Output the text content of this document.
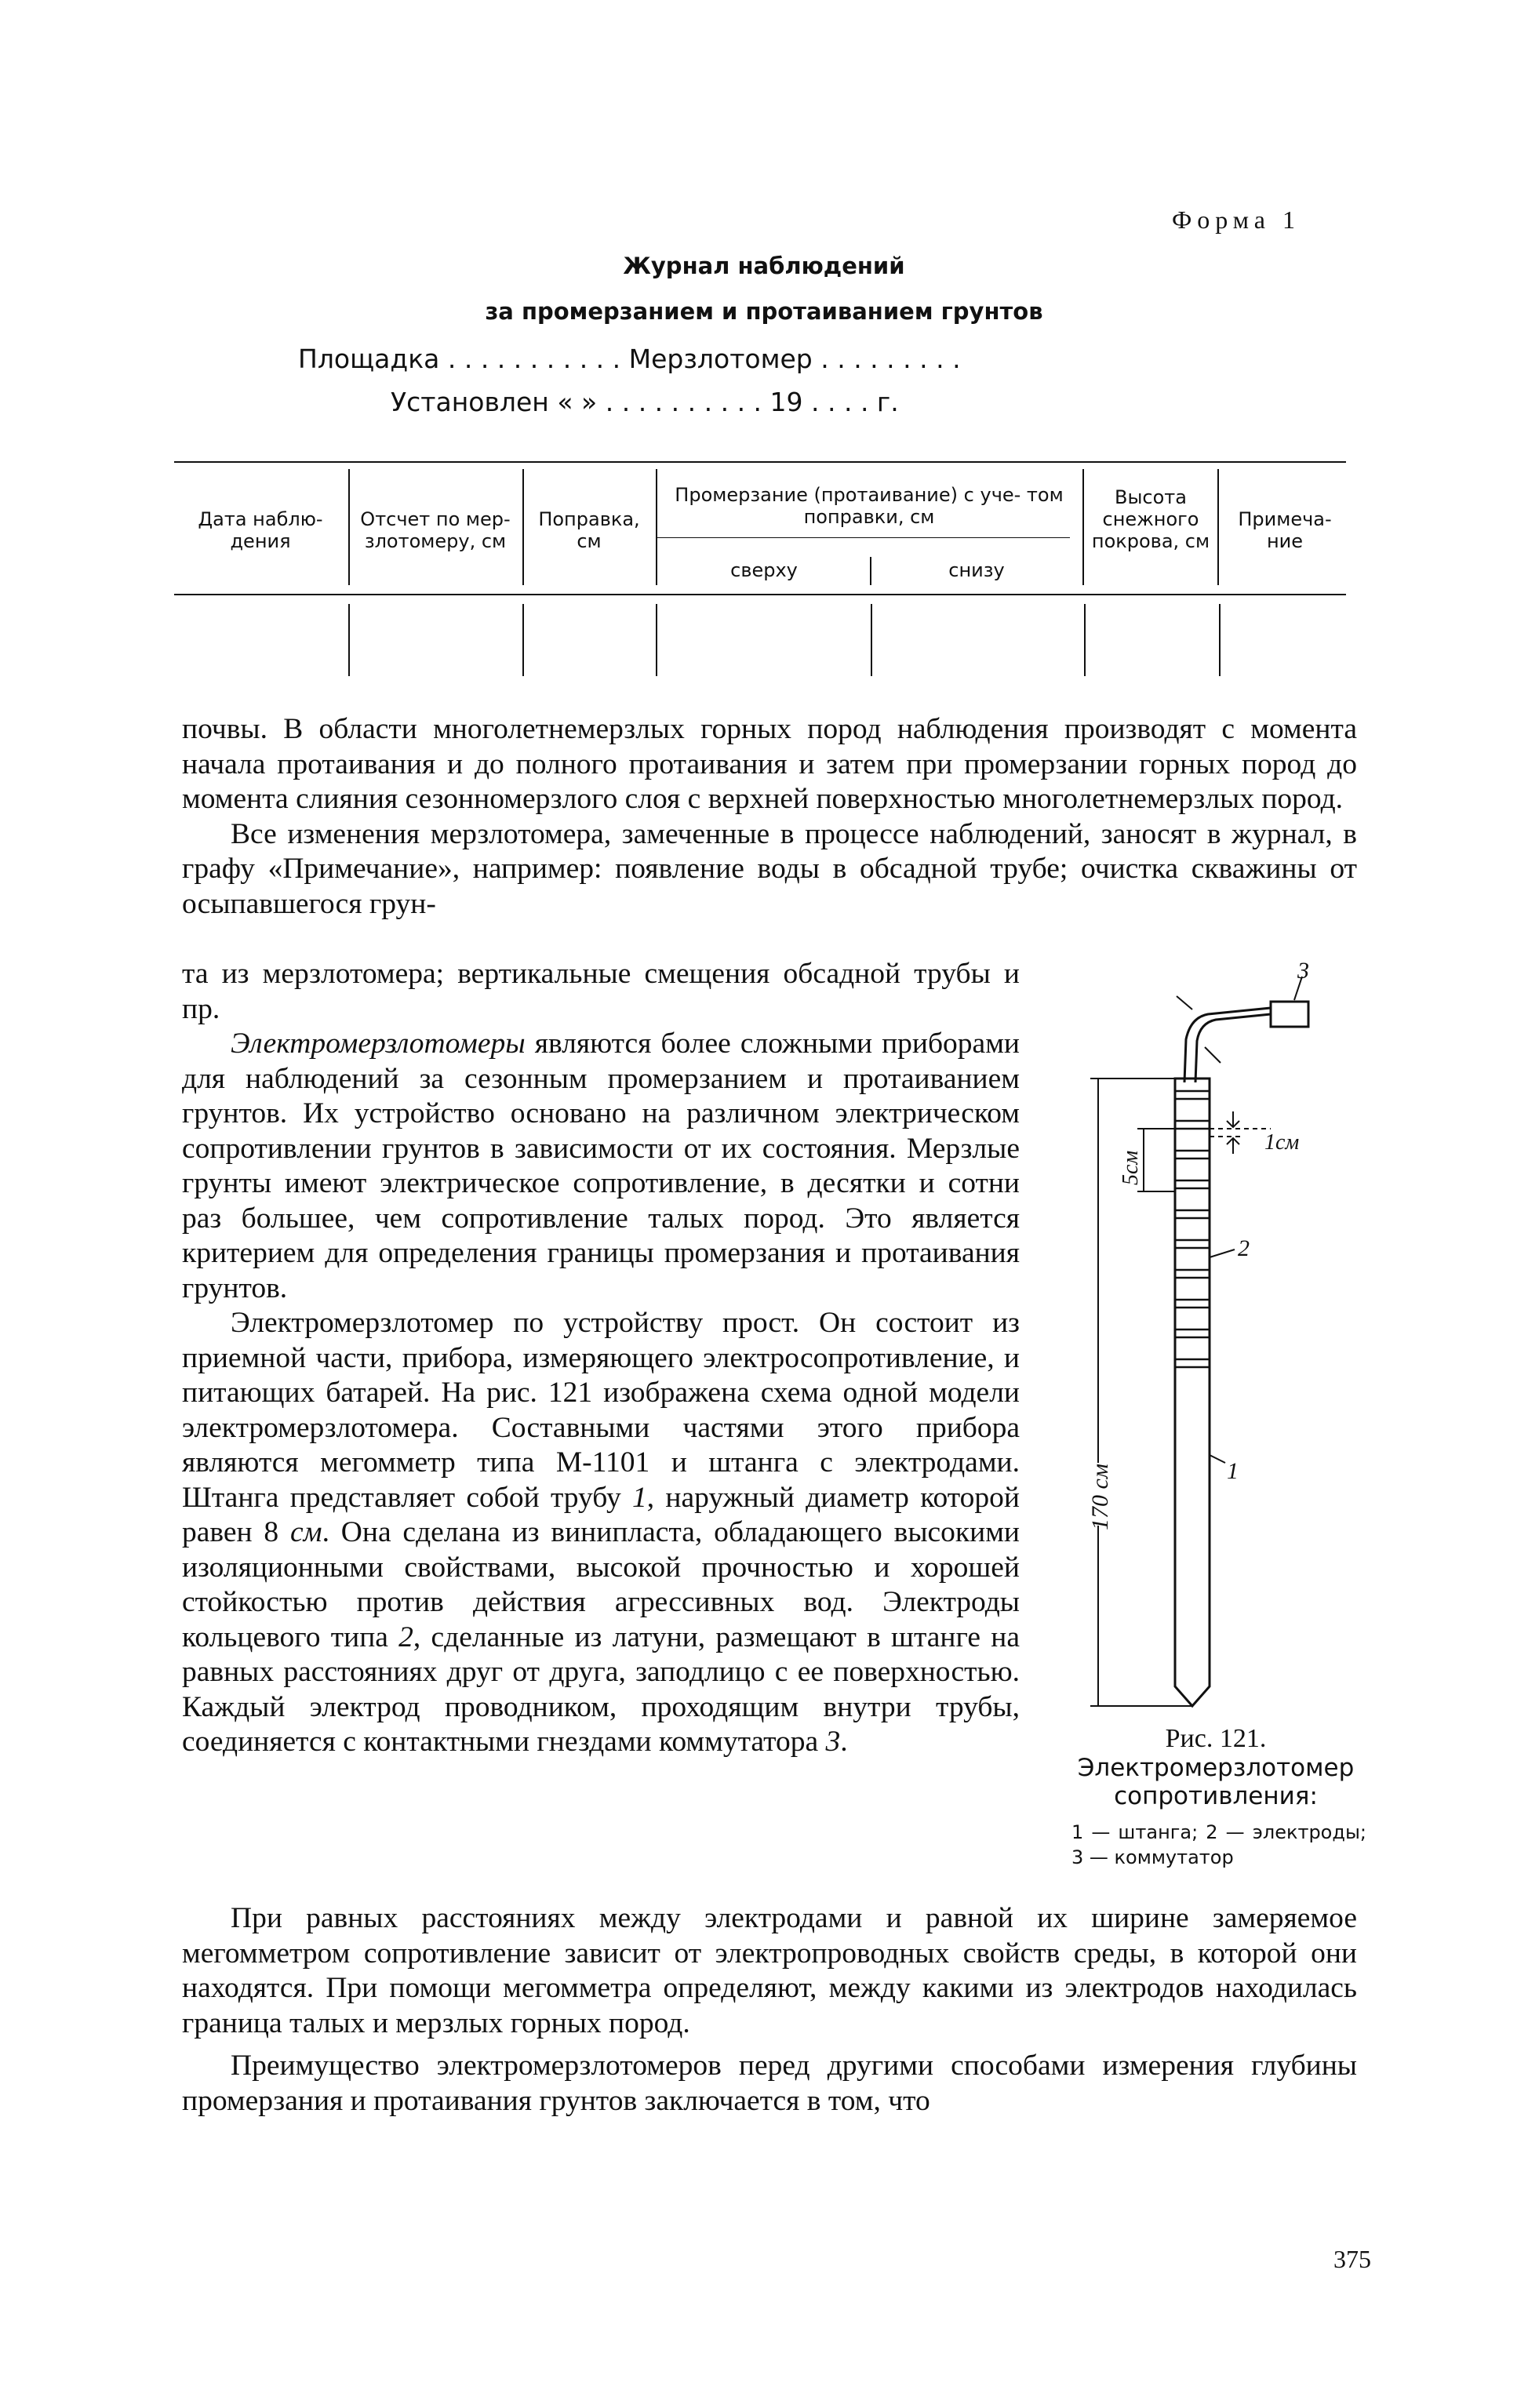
Форма 1
Журнал наблюдений
за промерзанием и протаиванием грунтов
Площадка . . . . . . . . . . . Мерзлотомер . . . . . . . . .
Установлен « » . . . . . . . . . . 19 . . . . г.
Дата наблю- дения
Отсчет по мер- злотомеру, см
Поправка, см
Промерзание (протаивание) с уче- том поправки, см
сверху	снизу
Высота снежного покрова, см
Примеча- ние

почвы. В области многолетнемерзлых горных пород наблюдения производят с момента начала протаивания и до полного протаивания и затем при промерзании горных пород до момента слияния сезонномерзлого слоя с верхней поверхностью многолетнемерзлых пород.

Все изменения мерзлотомера, замеченные в процессе наблюдений, заносят в журнал, в графу «Примечание», например: появление воды в обсадной трубе; очистка скважины от осыпавшегося грун-

та из мерзлотомера; вертикальные смещения обсадной трубы и пр.

Электромерзлотомеры являются более сложными приборами для наблюдений за сезонным промерзанием и протаиванием грунтов. Их устройство основано на различном электрическом сопротивлении грунтов в зависимости от их состояния. Мерзлые грунты имеют электрическое сопротивление, в десятки и сотни раз большее, чем сопротивление талых пород. Это является критерием для определения границы промерзания и протаивания грунтов.

Электромерзлотомер по устройству прост. Он состоит из приемной части, прибора, измеряющего электросопротивление, и питающих батарей. На рис. 121 изображена схема одной модели электромерзлотомера. Составными частями этого прибора являются мегомметр типа М-1101 и штанга с электродами. Штанга представляет собой трубу 1, наружный диаметр которой равен 8 см. Она сделана из винипласта, обладающего высокими изоляционными свойствами, высокой прочностью и хорошей стойкостью против действия агрессивных вод. Электроды кольцевого типа 2, сделанные из латуни, размещают в штанге на равных расстояниях друг от друга, заподлицо с ее поверхностью. Каждый электрод проводником, проходящим внутри трубы, соединяется с контактными гнездами коммутатора 3.

При равных расстояниях между электродами и равной их ширине замеряемое мегомметром сопротивление зависит от электропроводных свойств среды, в которой они находятся. При помощи мегомметра определяют, между какими из электродов находилась граница талых и мерзлых горных пород.

Преимущество электромерзлотомеров перед другими способами измерения глубины промерзания и протаивания грунтов заключается в том, что

3
1см
2
1
5см
170 см
Рис. 121. Электромерзлотомер сопротивления:
1 — штанга; 2 — электроды; 3 — коммутатор
375
